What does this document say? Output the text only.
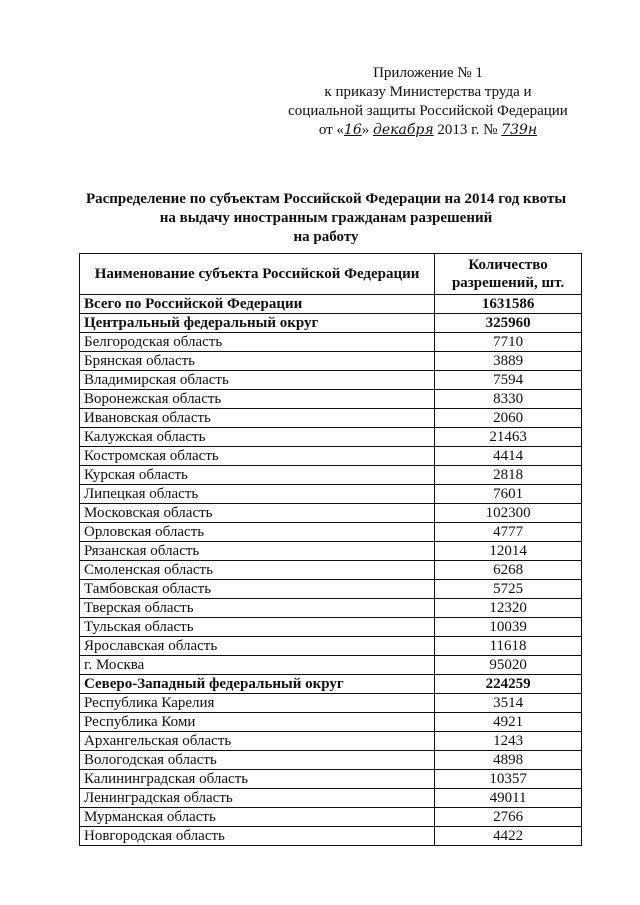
Приложение № 1
к приказу Министерства труда и
социальной защиты Российской Федерации
от «16» декабря 2013 г. № 739н
Распределение по субъектам Российской Федерации на 2014 год квоты
на выдачу иностранным гражданам разрешений
на работу
Наименование субъекта Российской Федерации	Количество разрешений, шт.
Всего по Российской Федерации	1631586
Центральный федеральный округ	325960
Белгородская область	7710
Брянская область	3889
Владимирская область	7594
Воронежская область	8330
Ивановская область	2060
Калужская область	21463
Костромская область	4414
Курская область	2818
Липецкая область	7601
Московская область	102300
Орловская область	4777
Рязанская область	12014
Смоленская область	6268
Тамбовская область	5725
Тверская область	12320
Тульская область	10039
Ярославская область	11618
г. Москва	95020
Северо-Западный федеральный округ	224259
Республика Карелия	3514
Республика Коми	4921
Архангельская область	1243
Вологодская область	4898
Калининградская область	10357
Ленинградская область	49011
Мурманская область	2766
Новгородская область	4422
